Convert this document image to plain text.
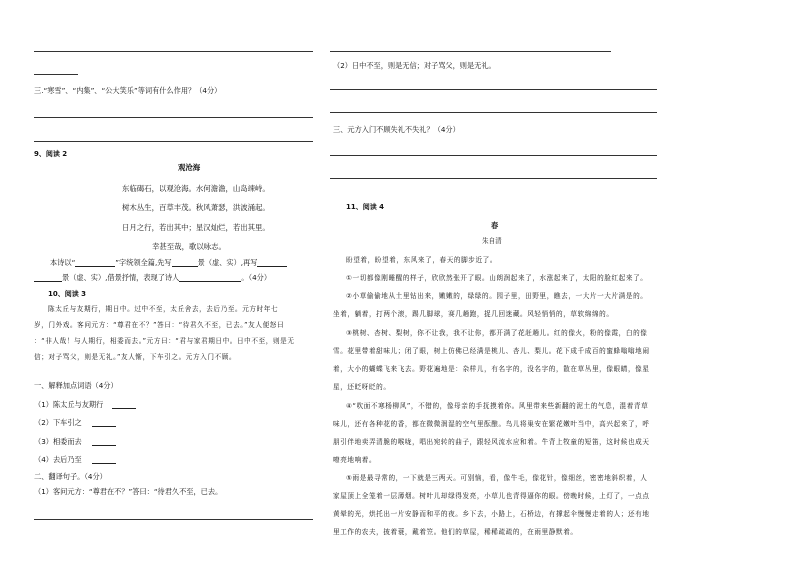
三.“寒雪”、“内集”、“公大笑乐”等词有什么作用？（4分）
9、阅读 2
观沧海
东临碣石，以观沧海。水何澹澹，山岛竦峙。
树木丛生，百草丰茂。秋风萧瑟，洪波涌起。
日月之行，若出其中；星汉灿烂，若出其里。
幸甚至哉，歌以咏志。
本诗以“	”字统领全篇,先写	景（虚、实）,再写
景（虚、实）,借景抒情，表现了诗人	。（4分）
10、阅读 3
陈太丘与友期行，期日中。过中不至，太丘舍去，去后乃至。元方时年七
岁，门外戏。客问元方：“尊君在不？”答曰：“待君久不至，已去。”友人便怒曰
：“非人哉！与人期行，相委而去。”元方曰：“君与家君期日中。日中不至，则是无
信；对子骂父，则是无礼。”友人惭，下车引之。元方入门不顾。
一、解释加点词语（4分）
（1）陈太丘与友期行
（2）下车引之
（3）相委而去
（4）去后乃至
二、翻译句子。（4分）
（1）客问元方：“尊君在不？”答曰：“待君久不至，已去。
（2）日中不至，则是无信；对子骂父，则是无礼。
三、元方入门不顾失礼不失礼？（4分）
11、阅读 4
春
朱自清
盼望着，盼望着，东风来了，春天的脚步近了。
①一切都像刚睡醒的样子，欣欣然张开了眼。山朗润起来了，水涨起来了，太阳的脸红起来了。
②小草偷偷地从土里钻出来，嫩嫩的，绿绿的。园子里，田野里，瞧去，一大片一大片满是的。
坐着，躺着，打两个滚，踢几脚球，赛几趟跑，捉几回迷藏。风轻悄悄的，草软绵绵的。
③桃树、杏树、梨树，你不让我，我不让你，都开满了花赶趟儿。红的像火，粉的像霞，白的像
雪。花里带着甜味儿；闭了眼，树上仿佛已经满是桃儿、杏儿、梨儿。花下成千成百的蜜蜂嗡嗡地闹
着，大小的蝴蝶飞来飞去。野花遍地是：杂样儿，有名字的，没名字的，散在草丛里，像眼睛，像星
星，还眨呀眨的。
④“吹面不寒杨柳风”，不错的，像母亲的手抚摸着你。风里带来些新翻的泥土的气息，混着青草
味儿，还有各种花的香，都在微微润湿的空气里酝酿。鸟儿将巢安在繁花嫩叶当中，高兴起来了，呼
朋引伴地卖弄清脆的喉咙，唱出宛转的曲子，跟轻风流水应和着。牛背上牧童的短笛，这时候也成天
嘹亮地响着。
⑤雨是最寻常的，一下就是三两天。可别恼，看，像牛毛，像花针，像细丝，密密地斜织着，人
家屋顶上全笼着一层薄烟。树叶儿却绿得发亮，小草儿也青得逼你的眼。傍晚时候，上灯了，一点点
黄晕的光，烘托出一片安静而和平的夜。乡下去，小路上，石桥边，有撑起伞慢慢走着的人；还有地
里工作的农夫，披着蓑，戴着笠。他们的草屋，稀稀疏疏的，在雨里静默着。
